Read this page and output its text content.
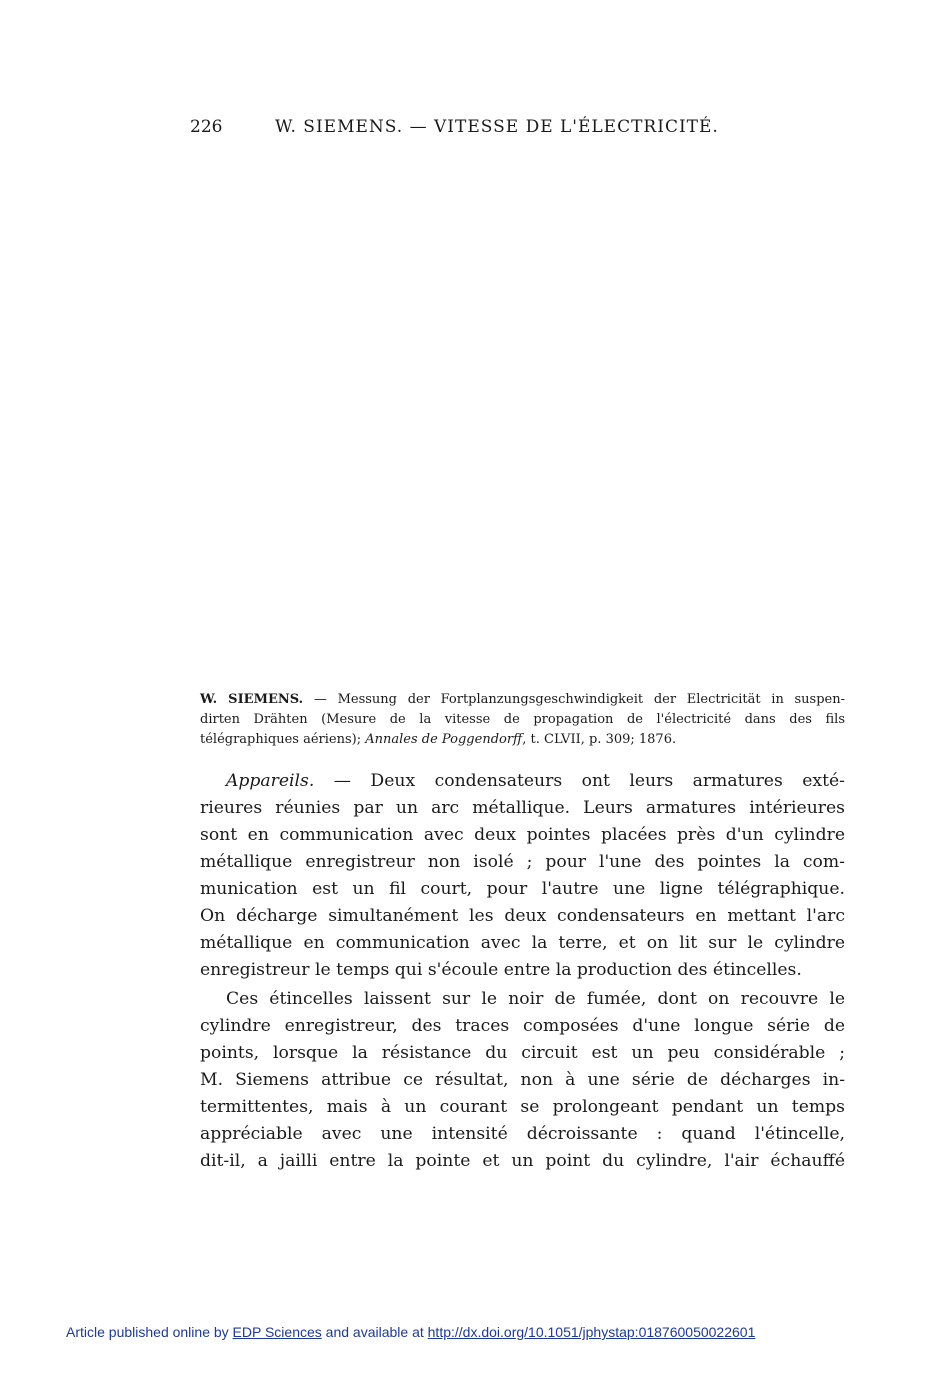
226	W. SIEMENS. — VITESSE DE L'ÉLECTRICITÉ.
W. SIEMENS. — Messung der Fortplanzungsgeschwindigkeit der Electricität in suspen-
dirten Drähten (Mesure de la vitesse de propagation de l'électricité dans des fils
télégraphiques aériens); Annales de Poggendorff, t. CLVII, p. 309; 1876.
Appareils. — Deux condensateurs ont leurs armatures exté-
rieures réunies par un arc métallique. Leurs armatures intérieures
sont en communication avec deux pointes placées près d'un cylindre
métallique enregistreur non isolé ; pour l'une des pointes la com-
munication est un fil court, pour l'autre une ligne télégraphique.
On décharge simultanément les deux condensateurs en mettant l'arc
métallique en communication avec la terre, et on lit sur le cylindre
enregistreur le temps qui s'écoule entre la production des étincelles.
Ces étincelles laissent sur le noir de fumée, dont on recouvre le
cylindre enregistreur, des traces composées d'une longue série de
points, lorsque la résistance du circuit est un peu considérable ;
M. Siemens attribue ce résultat, non à une série de décharges in-
termittentes, mais à un courant se prolongeant pendant un temps
appréciable avec une intensité décroissante : quand l'étincelle,
dit-il, a jailli entre la pointe et un point du cylindre, l'air échauffé
Article published online by EDP Sciences and available at http://dx.doi.org/10.1051/jphystap:018760050022601
